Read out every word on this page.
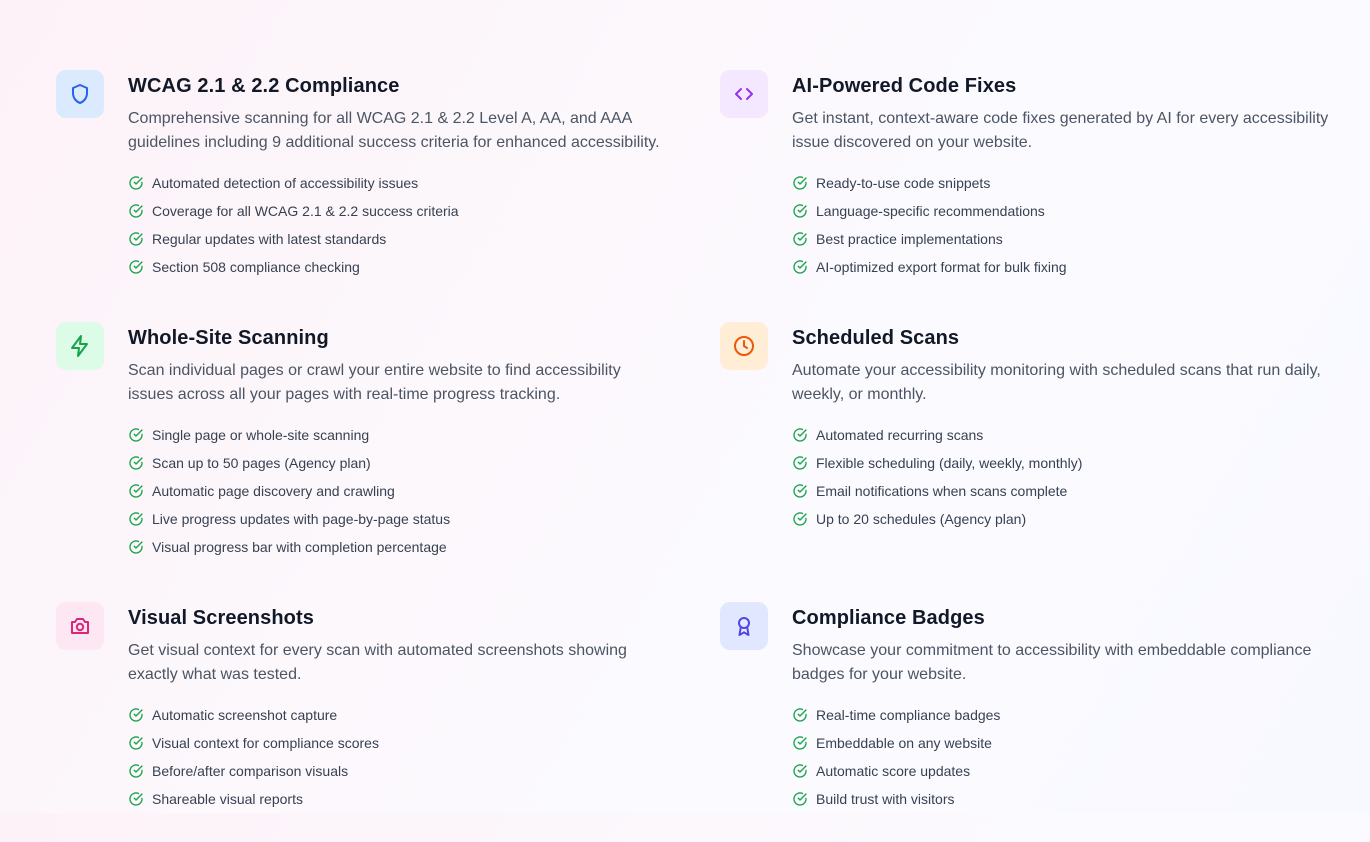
WCAG 2.1 & 2.2 Compliance
Comprehensive scanning for all WCAG 2.1 & 2.2 Level A, AA, and AAA guidelines including 9 additional success criteria for enhanced accessibility.
Automated detection of accessibility issues
Coverage for all WCAG 2.1 & 2.2 success criteria
Regular updates with latest standards
Section 508 compliance checking
AI-Powered Code Fixes
Get instant, context-aware code fixes generated by AI for every accessibility issue discovered on your website.
Ready-to-use code snippets
Language-specific recommendations
Best practice implementations
AI-optimized export format for bulk fixing
Whole-Site Scanning
Scan individual pages or crawl your entire website to find accessibility issues across all your pages with real-time progress tracking.
Single page or whole-site scanning
Scan up to 50 pages (Agency plan)
Automatic page discovery and crawling
Live progress updates with page-by-page status
Visual progress bar with completion percentage
Scheduled Scans
Automate your accessibility monitoring with scheduled scans that run daily, weekly, or monthly.
Automated recurring scans
Flexible scheduling (daily, weekly, monthly)
Email notifications when scans complete
Up to 20 schedules (Agency plan)
Visual Screenshots
Get visual context for every scan with automated screenshots showing exactly what was tested.
Automatic screenshot capture
Visual context for compliance scores
Before/after comparison visuals
Shareable visual reports
Compliance Badges
Showcase your commitment to accessibility with embeddable compliance badges for your website.
Real-time compliance badges
Embeddable on any website
Automatic score updates
Build trust with visitors
